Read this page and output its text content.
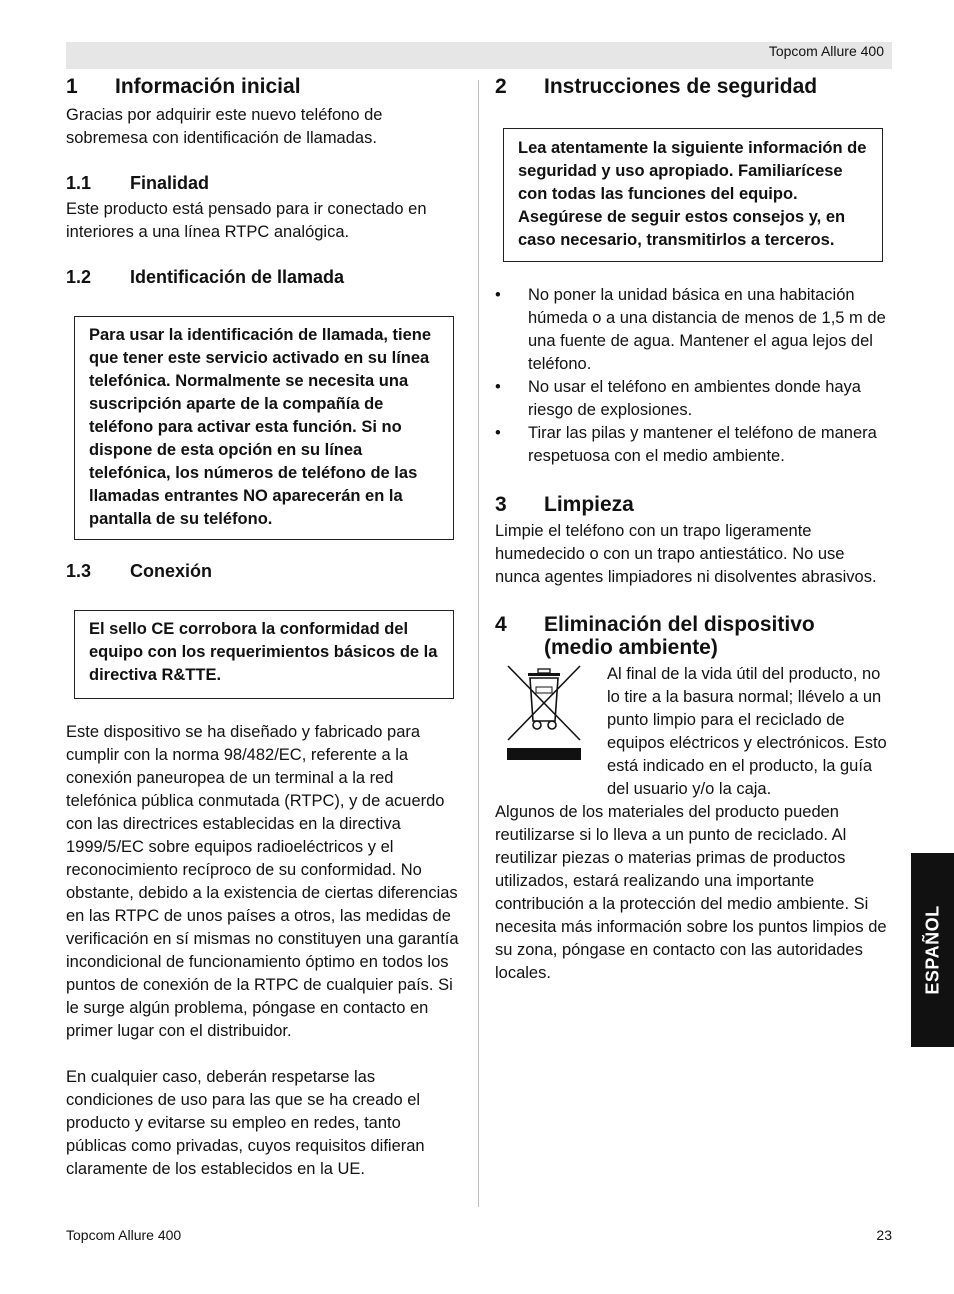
Topcom Allure 400
1	Información inicial

Gracias por adquirir este nuevo teléfono de sobremesa con identificación de llamadas.

1.1	Finalidad

Este producto está pensado para ir conectado en interiores a una línea RTPC analógica.

1.2	Identificación de llamada
Para usar la identificación de llamada, tiene que tener este servicio activado en su línea telefónica. Normalmente se necesita una suscripción aparte de la compañía de teléfono para activar esta función. Si no dispone de esta opción en su línea telefónica, los números de teléfono de las llamadas entrantes NO aparecerán en la pantalla de su teléfono.
1.3	Conexión
El sello CE corrobora la conformidad del equipo con los requerimientos básicos de la directiva R&TTE.

Este dispositivo se ha diseñado y fabricado para cumplir con la norma 98/482/EC, referente a la conexión paneuropea de un terminal a la red telefónica pública conmutada (RTPC), y de acuerdo con las directrices establecidas en la directiva 1999/5/EC sobre equipos radioeléctricos y el reconocimiento recíproco de su conformidad. No obstante, debido a la existencia de ciertas diferencias en las RTPC de unos países a otros, las medidas de verificación en sí mismas no constituyen una garantía incondicional de funcionamiento óptimo en todos los puntos de conexión de la RTPC de cualquier país. Si le surge algún problema, póngase en contacto en primer lugar con el distribuidor.

En cualquier caso, deberán respetarse las condiciones de uso para las que se ha creado el producto y evitarse su empleo en redes, tanto públicas como privadas, cuyos requisitos difieran claramente de los establecidos en la UE.

2	Instrucciones de seguridad
Lea atentamente la siguiente información de seguridad y uso apropiado. Familiarícese con todas las funciones del equipo. Asegúrese de seguir estos consejos y, en caso necesario, transmitirlos a terceros.
• No poner la unidad básica en una habitación húmeda o a una distancia de menos de 1,5 m de una fuente de agua. Mantener el agua lejos del teléfono.
• No usar el teléfono en ambientes donde haya riesgo de explosiones.
• Tirar las pilas y mantener el teléfono de manera respetuosa con el medio ambiente.
3	Limpieza

Limpie el teléfono con un trapo ligeramente humedecido o con un trapo antiestático. No use nunca agentes limpiadores ni disolventes abrasivos.

4	Eliminación del dispositivo
(medio ambiente)

Al final de la vida útil del producto, no lo tire a la basura normal; llévelo a un punto limpio para el reciclado de equipos eléctricos y electrónicos. Esto está indicado en el producto, la guía del usuario y/o la caja.

Algunos de los materiales del producto pueden reutilizarse si lo lleva a un punto de reciclado. Al reutilizar piezas o materias primas de productos utilizados, estará realizando una importante contribución a la protección del medio ambiente. Si necesita más información sobre los puntos limpios de su zona, póngase en contacto con las autoridades locales.	ESPAÑOL
Topcom Allure 400	23
